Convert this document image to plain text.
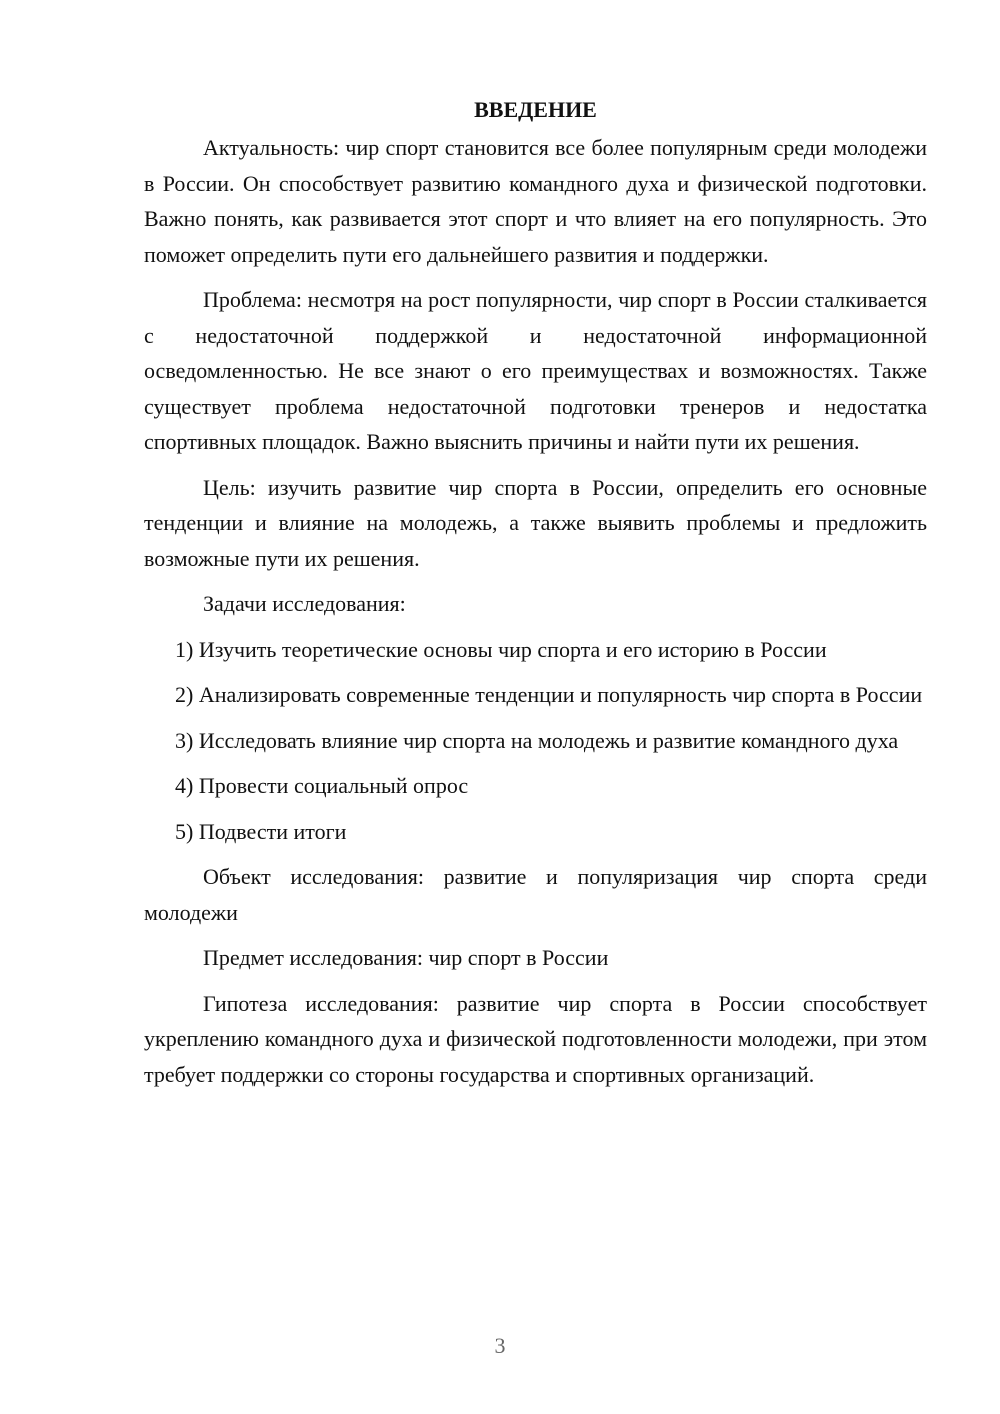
ВВЕДЕНИЕ

Актуальность: чир спорт становится все более популярным среди молодежи в России. Он способствует развитию командного духа и физической подготовки. Важно понять, как развивается этот спорт и что влияет на его популярность. Это поможет определить пути его дальнейшего развития и поддержки.

Проблема: несмотря на рост популярности, чир спорт в России сталкивается с недостаточной поддержкой и недостаточной информационной осведомленностью. Не все знают о его преимуществах и возможностях. Также существует проблема недостаточной подготовки тренеров и недостатка спортивных площадок. Важно выяснить причины и найти пути их решения.

Цель: изучить развитие чир спорта в России, определить его основные тенденции и влияние на молодежь, а также выявить проблемы и предложить возможные пути их решения.

Задачи исследования:

1) Изучить теоретические основы чир спорта и его историю в России

2) Анализировать современные тенденции и популярность чир спорта в России

3) Исследовать влияние чир спорта на молодежь и развитие командного духа

4) Провести социальный опрос

5) Подвести итоги

Объект исследования: развитие и популяризация чир спорта среди молодежи

Предмет исследования: чир спорт в России

Гипотеза исследования: развитие чир спорта в России способствует укреплению командного духа и физической подготовленности молодежи, при этом требует поддержки со стороны государства и спортивных организаций.

3
